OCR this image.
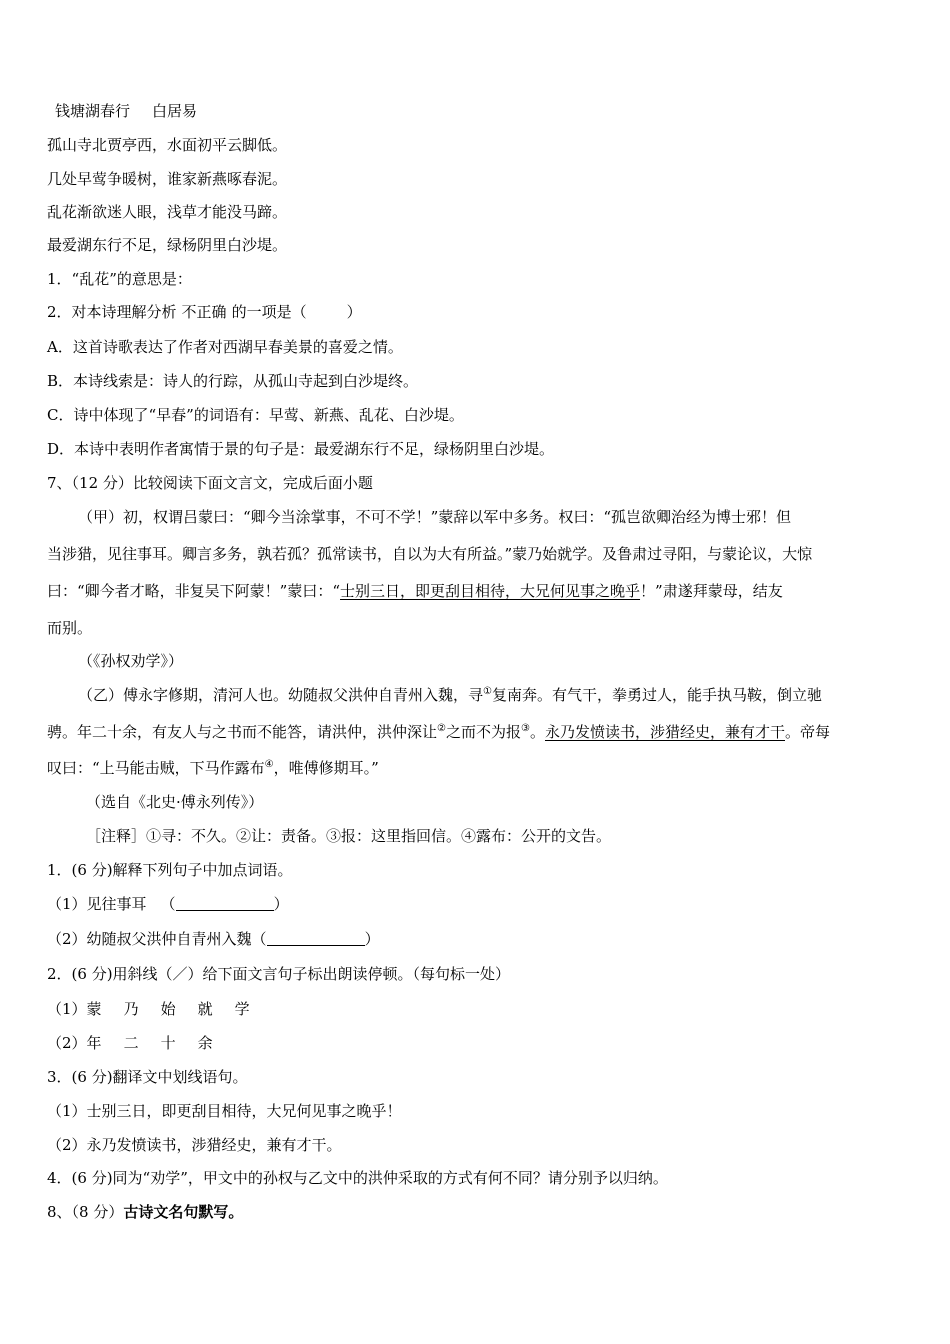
钱塘湖春行 白居易
孤山寺北贾亭西，水面初平云脚低。
几处早莺争暖树，谁家新燕啄春泥。
乱花渐欲迷人眼，浅草才能没马蹄。
最爱湖东行不足，绿杨阴里白沙堤。
1．“乱花”的意思是：
2．对本诗理解分析 不正确 的一项是（	）
A．这首诗歌表达了作者对西湖早春美景的喜爱之情。
B．本诗线索是：诗人的行踪，从孤山寺起到白沙堤终。
C．诗中体现了“早春”的词语有：早莺、新燕、乱花、白沙堤。
D．本诗中表明作者寓情于景的句子是：最爱湖东行不足，绿杨阴里白沙堤。
7、（12 分）比较阅读下面文言文，完成后面小题
（甲）初，权谓吕蒙曰：“卿今当涂掌事，不可不学！”蒙辞以军中多务。权曰：“孤岂欲卿治经为博士邪！但
当涉猎，见往事耳。卿言多务，孰若孤？孤常读书，自以为大有所益。”蒙乃始就学。及鲁肃过寻阳，与蒙论议，大惊
曰：“卿今者才略，非复吴下阿蒙！”蒙曰：“士别三日，即更刮目相待，大兄何见事之晚乎！”肃遂拜蒙母，结友
而别。
（《孙权劝学》）
（乙）傅永字修期，清河人也。幼随叔父洪仲自青州入魏，寻①复南奔。有气干，拳勇过人，能手执马鞍，倒立驰
骋。年二十余，有友人与之书而不能答，请洪仲，洪仲深让②之而不为报③。永乃发愤读书，涉猎经史，兼有才干。帝每
叹曰：“上马能击贼，下马作露布④，唯傅修期耳。”
（选自《北史·傅永列传》）
［注释］①寻：不久。②让：责备。③报：这里指回信。④露布：公开的文告。
1．(6 分)解释下列句子中加点词语。
（1）见往事耳 （	）
（2）幼随叔父洪仲自青州入魏（	）
2．(6 分)用斜线（／）给下面文言句子标出朗读停顿。（每句标一处）
（1）蒙 乃 始 就 学
（2）年 二 十 余
3．(6 分)翻译文中划线语句。
（1）士别三日，即更刮目相待，大兄何见事之晚乎！
（2）永乃发愤读书，涉猎经史，兼有才干。
4．(6 分)同为“劝学”，甲文中的孙权与乙文中的洪仲采取的方式有何不同？请分别予以归纳。
8、（8 分）古诗文名句默写。
